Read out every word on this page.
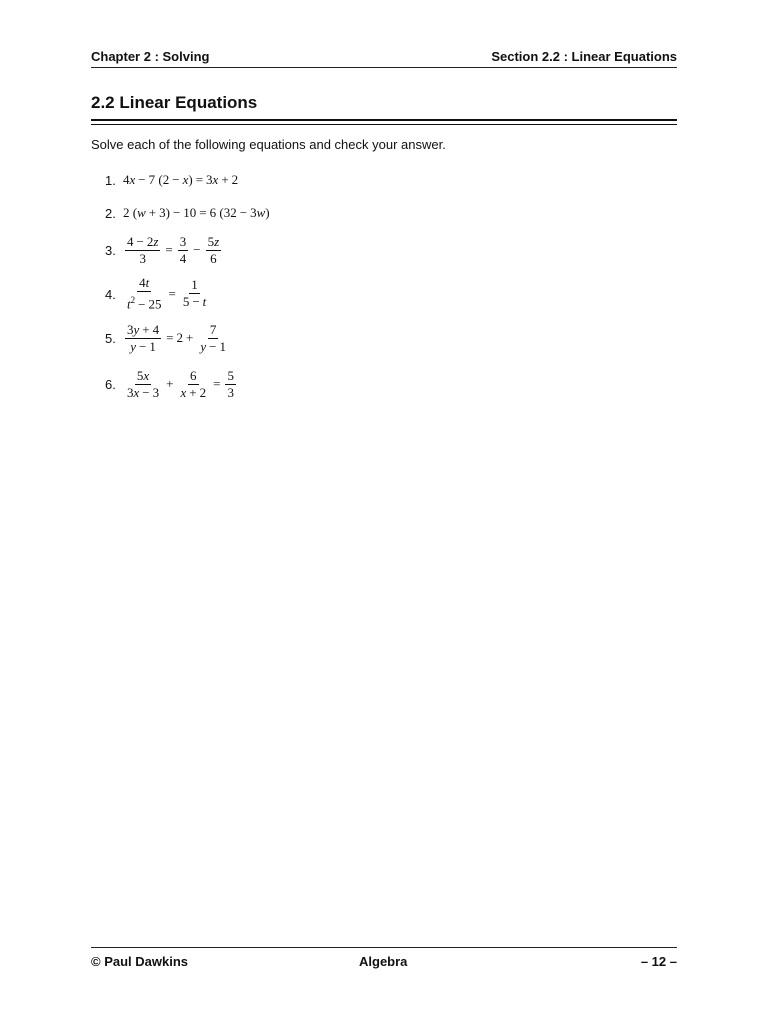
Chapter 2 : Solving	Section 2.2 : Linear Equations
2.2 Linear Equations
Solve each of the following equations and check your answer.
1. 4 x − 7 (2 − x ) = 3 x + 2
2. 2 ( w + 3) − 10 = 6 (32 − 3 w )
3. $\frac{4 - 2z}{3} = \frac{3}{4} - \frac{5z}{6}$
4. $\frac{4t}{t^2 - 25} = \frac{1}{5 - t}$
5. $\frac{3y + 4}{y - 1} = 2 + \frac{7}{y - 1}$
6. $\frac{5x}{3x - 3} + \frac{6}{x + 2} = \frac{5}{3}$
© Paul Dawkins	Algebra	– 12 –
